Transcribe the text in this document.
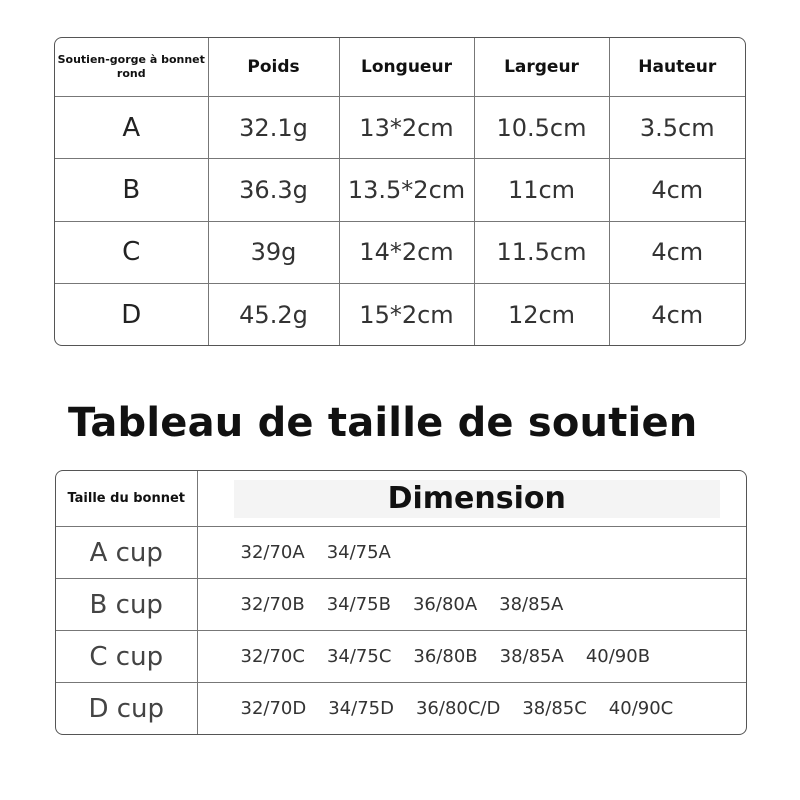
Soutien-gorge à bonnet rond	Poids	Longueur	Largeur	Hauteur
A	32.1g	13*2cm	10.5cm	3.5cm
B	36.3g	13.5*2cm	11cm	4cm
C	39g	14*2cm	11.5cm	4cm
D	45.2g	15*2cm	12cm	4cm
Tableau de taille de soutien
Taille du bonnet	Dimension

A cup	32/70A 34/75A
B cup	32/70B 34/75B 36/80A 38/85A
C cup	32/70C 34/75C 36/80B 38/85A 40/90B
D cup	32/70D 34/75D 36/80C/D 38/85C 40/90C
